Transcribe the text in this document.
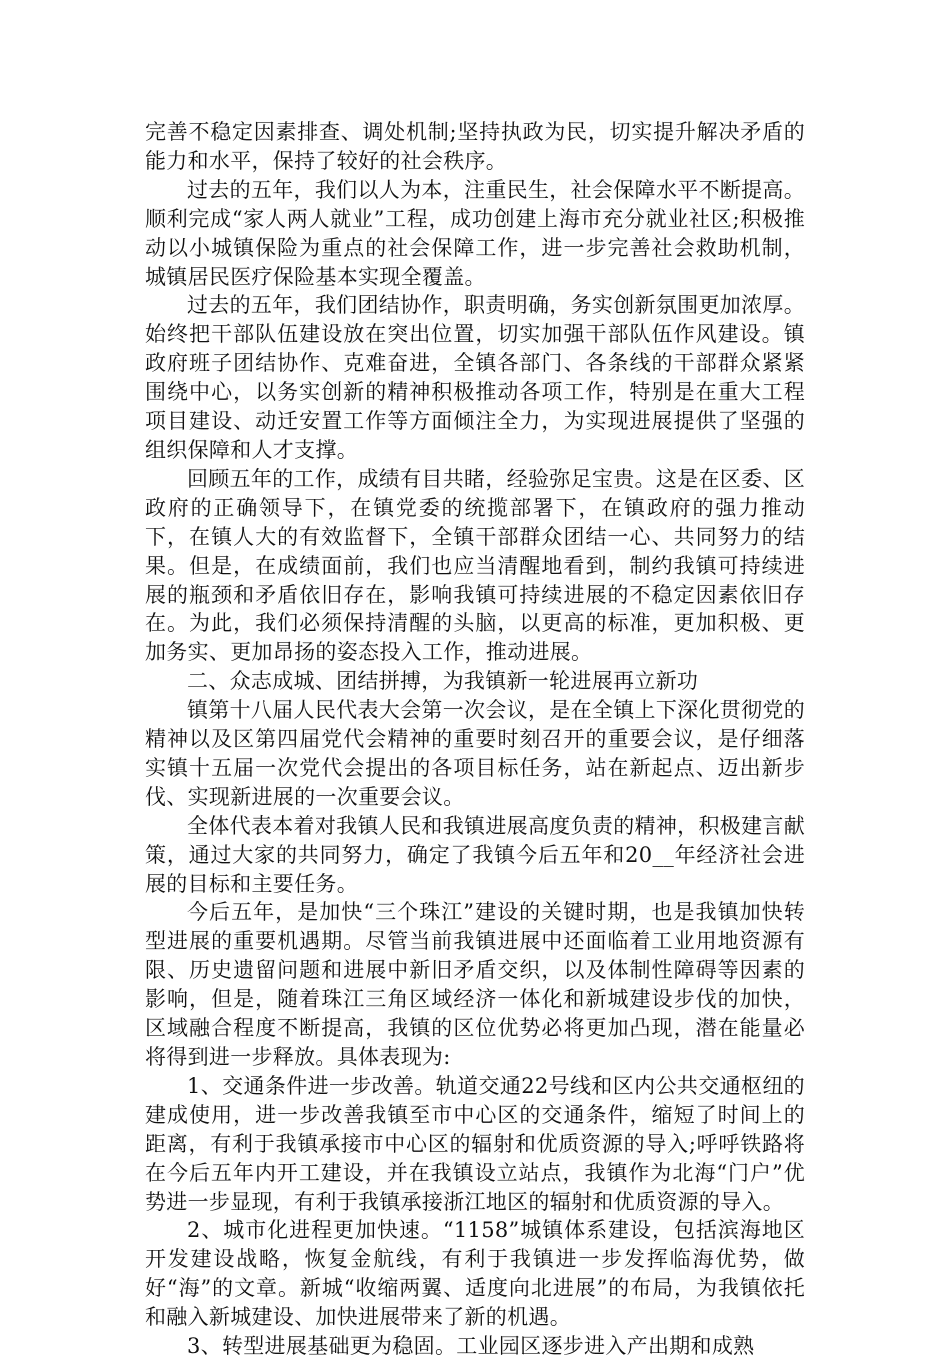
完善不稳定因素排查、调处机制;坚持执政为民，切实提升解决矛盾的能力和水平，保持了较好的社会秩序。

过去的五年，我们以人为本，注重民生，社会保障水平不断提高。顺利完成“家人两人就业”工程，成功创建上海市充分就业社区;积极推动以小城镇保险为重点的社会保障工作，进一步完善社会救助机制，城镇居民医疗保险基本实现全覆盖。

过去的五年，我们团结协作，职责明确，务实创新氛围更加浓厚。始终把干部队伍建设放在突出位置，切实加强干部队伍作风建设。镇政府班子团结协作、克难奋进，全镇各部门、各条线的干部群众紧紧围绕中心，以务实创新的精神积极推动各项工作，特别是在重大工程项目建设、动迁安置工作等方面倾注全力，为实现进展提供了坚强的组织保障和人才支撑。

回顾五年的工作，成绩有目共睹，经验弥足宝贵。这是在区委、区政府的正确领导下，在镇党委的统揽部署下，在镇政府的强力推动下，在镇人大的有效监督下，全镇干部群众团结一心、共同努力的结果。但是，在成绩面前，我们也应当清醒地看到，制约我镇可持续进展的瓶颈和矛盾依旧存在，影响我镇可持续进展的不稳定因素依旧存在。为此，我们必须保持清醒的头脑，以更高的标准，更加积极、更加务实、更加昂扬的姿态投入工作，推动进展。

二、众志成城、团结拼搏，为我镇新一轮进展再立新功

镇第十八届人民代表大会第一次会议，是在全镇上下深化贯彻党的精神以及区第四届党代会精神的重要时刻召开的重要会议，是仔细落实镇十五届一次党代会提出的各项目标任务，站在新起点、迈出新步伐、实现新进展的一次重要会议。

全体代表本着对我镇人民和我镇进展高度负责的精神，积极建言献策，通过大家的共同努力，确定了我镇今后五年和20__年经济社会进展的目标和主要任务。

今后五年，是加快“三个珠江”建设的关键时期，也是我镇加快转型进展的重要机遇期。尽管当前我镇进展中还面临着工业用地资源有限、历史遗留问题和进展中新旧矛盾交织，以及体制性障碍等因素的影响，但是，随着珠江三角区域经济一体化和新城建设步伐的加快，区域融合程度不断提高，我镇的区位优势必将更加凸现，潜在能量必将得到进一步释放。具体表现为:

1、交通条件进一步改善。轨道交通22号线和区内公共交通枢纽的建成使用，进一步改善我镇至市中心区的交通条件，缩短了时间上的距离，有利于我镇承接市中心区的辐射和优质资源的导入;呼呼铁路将在今后五年内开工建设，并在我镇设立站点，我镇作为北海“门户”优势进一步显现，有利于我镇承接浙江地区的辐射和优质资源的导入。

2、城市化进程更加快速。“1158”城镇体系建设，包括滨海地区开发建设战略，恢复金航线，有利于我镇进一步发挥临海优势，做好“海”的文章。新城“收缩两翼、适度向北进展”的布局，为我镇依托和融入新城建设、加快进展带来了新的机遇。

3、转型进展基础更为稳固。工业园区逐步进入产出期和成熟
